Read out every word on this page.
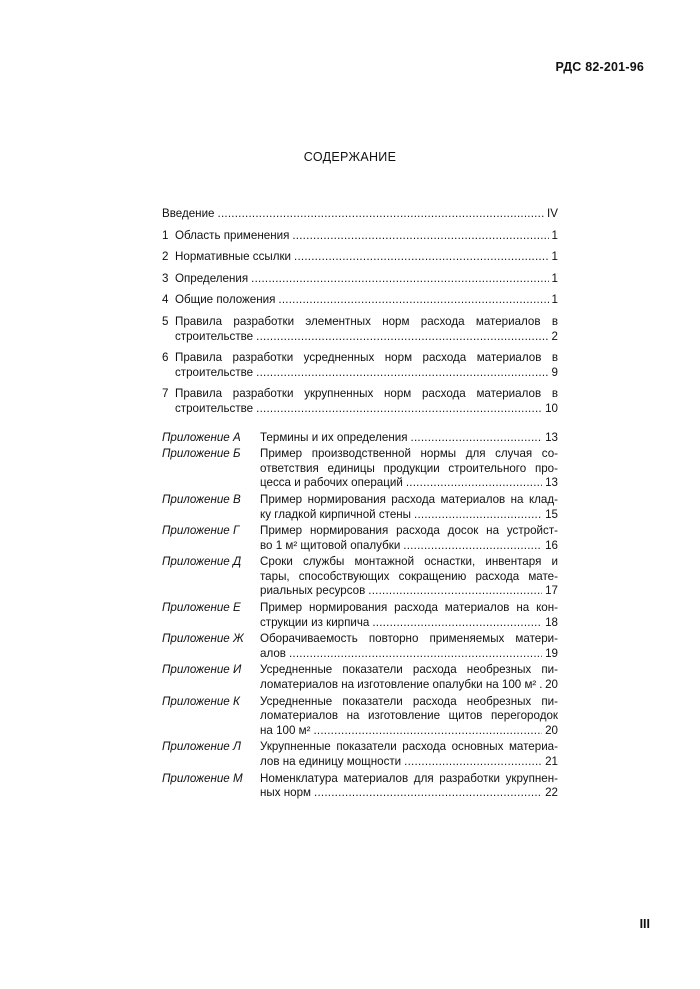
РДС 82-201-96
СОДЕРЖАНИЕ
Введение . . .	IV
1 Область применения . . .	1
2 Нормативные ссылки . . .	1
3 Определения . . .	1
4 Общие положения . . .	1
5 Правила разработки элементных норм расхода материалов в
строительстве . . .	2
6 Правила разработки усредненных норм расхода материалов в
строительстве . . .	9
7 Правила разработки укрупненных норм расхода материалов в
строительстве . . .	10
Приложение А	Термины и их определения . . .	13
Приложение Б	Пример производственной нормы для случая со-
ответствия единицы продукции строительного про-
цесса и рабочих операций . . .	13
Приложение В	Пример нормирования расхода материалов на клад-
ку гладкой кирпичной стены . . .	15
Приложение Г	Пример нормирования расхода досок на устройст-
во 1 м² щитовой опалубки . . .	16
Приложение Д	Сроки службы монтажной оснастки, инвентаря и
тары, способствующих сокращению расхода мате-
риальных ресурсов . . .	17
Приложение Е	Пример нормирования расхода материалов на кон-
струкции из кирпича . . .	18
Приложение Ж	Оборачиваемость повторно применяемых матери-
алов . . .	19
Приложение И	Усредненные показатели расхода необрезных пи-
ломатериалов на изготовление опалубки на 100 м² . . . 20
Приложение К	Усредненные показатели расхода необрезных пи-
ломатериалов на изготовление щитов перегородок
на 100 м² . . .	20
Приложение Л	Укрупненные показатели расхода основных материа-
лов на единицу мощности . . .	21
Приложение М	Номенклатура материалов для разработки укрупнен-
ных норм . . .	22
III
